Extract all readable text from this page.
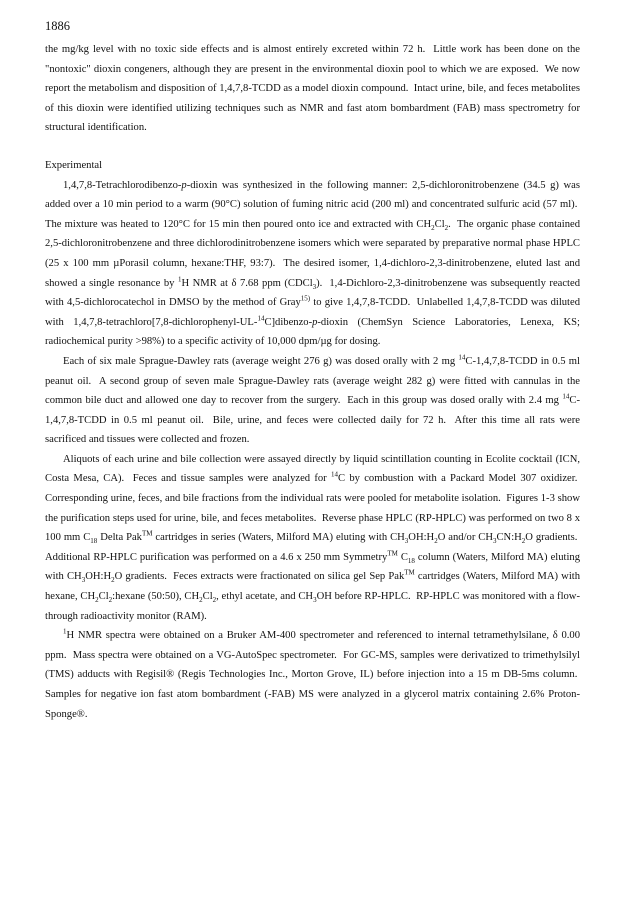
1886

the mg/kg level with no toxic side effects and is almost entirely excreted within 72 h.  Little work has been done on the "nontoxic" dioxin congeners, although they are present in the environmental dioxin pool to which we are exposed.  We now report the metabolism and disposition of 1,4,7,8-TCDD as a model dioxin compound.  Intact urine, bile, and feces metabolites of this dioxin were identified utilizing techniques such as NMR and fast atom bombardment (FAB) mass spectrometry for structural identification.

Experimental

1,4,7,8-Tetrachlorodibenzo-p-dioxin was synthesized in the following manner: 2,5-dichloronitrobenzene (34.5 g) was added over a 10 min period to a warm (90°C) solution of fuming nitric acid (200 ml) and concentrated sulfuric acid (57 ml).  The mixture was heated to 120°C for 15 min then poured onto ice and extracted with $CH_2Cl_2$.  The organic phase contained 2,5-dichloronitrobenzene and three dichlorodinitrobenzene isomers which were separated by preparative normal phase HPLC (25 x 100 mm µPorasil column, hexane:THF, 93:7).  The desired isomer, 1,4-dichloro-2,3-dinitrobenzene, eluted last and showed a single resonance by $^1$H NMR at δ 7.68 ppm (CDCl$_3$).  1,4-Dichloro-2,3-dinitrobenzene was subsequently reacted with 4,5-dichlorocatechol in DMSO by the method of Gray$^{15)}$ to give 1,4,7,8-TCDD.  Unlabelled 1,4,7,8-TCDD was diluted with 1,4,7,8-tetrachloro[7,8-dichlorophenyl-UL-$^{14}$C]dibenzo-p-dioxin (ChemSyn Science Laboratories, Lenexa, KS; radiochemical purity >98%) to a specific activity of 10,000 dpm/µg for dosing.

Each of six male Sprague-Dawley rats (average weight 276 g) was dosed orally with 2 mg $^{14}$C-1,4,7,8-TCDD in 0.5 ml peanut oil.  A second group of seven male Sprague-Dawley rats (average weight 282 g) were fitted with cannulas in the common bile duct and allowed one day to recover from the surgery.  Each in this group was dosed orally with 2.4 mg $^{14}$C-1,4,7,8-TCDD in 0.5 ml peanut oil.  Bile, urine, and feces were collected daily for 72 h.  After this time all rats were sacrificed and tissues were collected and frozen.

Aliquots of each urine and bile collection were assayed directly by liquid scintillation counting in Ecolite cocktail (ICN, Costa Mesa, CA).  Feces and tissue samples were analyzed for $^{14}$C by combustion with a Packard Model 307 oxidizer.  Corresponding urine, feces, and bile fractions from the individual rats were pooled for metabolite isolation.  Figures 1-3 show the purification steps used for urine, bile, and feces metabolites.  Reverse phase HPLC (RP-HPLC) was performed on two 8 x 100 mm $C_{18}$ Delta Pak™ cartridges in series (Waters, Milford MA) eluting with $CH_3OH:H_2O$ and/or $CH_3CN:H_2O$ gradients.  Additional RP-HPLC purification was performed on a 4.6 x 250 mm Symmetry™ $C_{18}$ column (Waters, Milford MA) eluting with $CH_3OH:H_2O$ gradients.  Feces extracts were fractionated on silica gel Sep Pak™ cartridges (Waters, Milford MA) with hexane, $CH_2Cl_2:hexane$ (50:50), $CH_2Cl_2$, ethyl acetate, and $CH_3OH$ before RP-HPLC.  RP-HPLC was monitored with a flow-through radioactivity monitor (RAM).

$^1$H NMR spectra were obtained on a Bruker AM-400 spectrometer and referenced to internal tetramethylsilane, δ 0.00 ppm.  Mass spectra were obtained on a VG-AutoSpec spectrometer.  For GC-MS, samples were derivatized to trimethylsilyl (TMS) adducts with Regisil® (Regis Technologies Inc., Morton Grove, IL) before injection into a 15 m DB-5ms column.  Samples for negative ion fast atom bombardment (-FAB) MS were analyzed in a glycerol matrix containing 2.6% Proton-Sponge®.
